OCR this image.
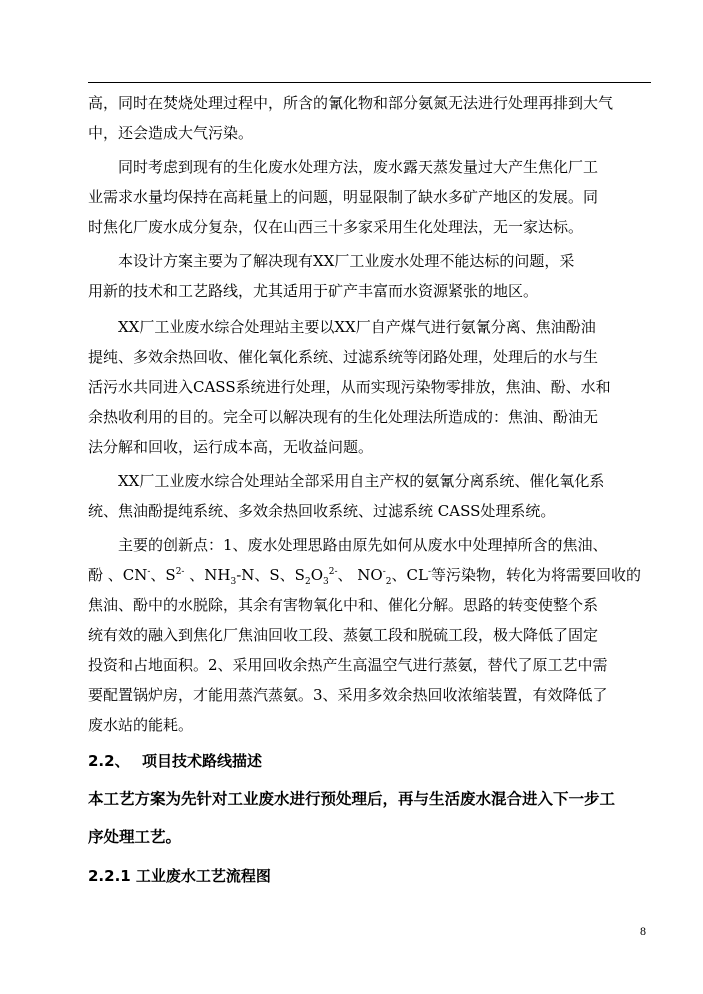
高，同时在焚烧处理过程中，所含的氰化物和部分氨氮无法进行处理再排到大气
中，还会造成大气污染。
同时考虑到现有的生化废水处理方法，废水露天蒸发量过大产生焦化厂工
业需求水量均保持在高耗量上的问题，明显限制了缺水多矿产地区的发展。同
时焦化厂废水成分复杂，仅在山西三十多家采用生化处理法，无一家达标。
本设计方案主要为了解决现有XX厂工业废水处理不能达标的问题，采
用新的技术和工艺路线，尤其适用于矿产丰富而水资源紧张的地区。
XX厂工业废水综合处理站主要以XX厂自产煤气进行氨氰分离、焦油酚油
提纯、多效余热回收、催化氧化系统、过滤系统等闭路处理，处理后的水与生
活污水共同进入CASS系统进行处理，从而实现污染物零排放，焦油、酚、水和
余热收利用的目的。完全可以解决现有的生化处理法所造成的：焦油、酚油无
法分解和回收，运行成本高，无收益问题。
XX厂工业废水综合处理站全部采用自主产权的氨氰分离系统、催化氧化系
统、焦油酚提纯系统、多效余热回收系统、过滤系统 CASS处理系统。
主要的创新点：1、废水处理思路由原先如何从废水中处理掉所含的焦油、
酚 、CN-、$S^{2-}$ 、$NH_3-N$、S、$S_2O_3^{2-}$、 $NO^-_2$、CL-等污染物，转化为将需要回收的
焦油、酚中的水脱除，其余有害物氧化中和、催化分解。思路的转变使整个系
统有效的融入到焦化厂焦油回收工段、蒸氨工段和脱硫工段，极大降低了固定
投资和占地面积。2、采用回收余热产生高温空气进行蒸氨，替代了原工艺中需
要配置锅炉房，才能用蒸汽蒸氨。3、采用多效余热回收浓缩装置，有效降低了
废水站的能耗。
2.2、 项目技术路线描述
本工艺方案为先针对工业废水进行预处理后，再与生活废水混合进入下一步工
序处理工艺。
2.2.1 工业废水工艺流程图
8
